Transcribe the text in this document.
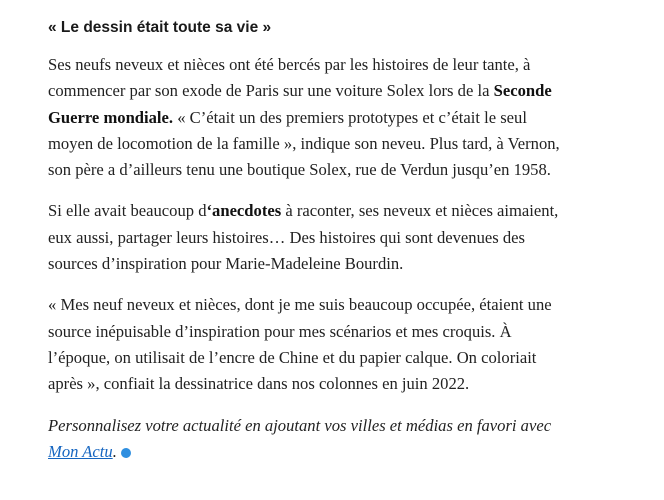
« Le dessin était toute sa vie »

Ses neufs neveux et nièces ont été bercés par les histoires de leur tante, à commencer par son exode de Paris sur une voiture Solex lors de la Seconde Guerre mondiale. « C’était un des premiers prototypes et c’était le seul moyen de locomotion de la famille », indique son neveu. Plus tard, à Vernon, son père a d’ailleurs tenu une boutique Solex, rue de Verdun jusqu’en 1958.

Si elle avait beaucoup d‘anecdotes à raconter, ses neveux et nièces aimaient, eux aussi, partager leurs histoires… Des histoires qui sont devenues des sources d’inspiration pour Marie-Madeleine Bourdin.

« Mes neuf neveux et nièces, dont je me suis beaucoup occupée, étaient une source inépuisable d’inspiration pour mes scénarios et mes croquis. À l’époque, on utilisait de l’encre de Chine et du papier calque. On coloriait après », confiait la dessinatrice dans nos colonnes en juin 2022.

Personnalisez votre actualité en ajoutant vos villes et médias en favori avec Mon Actu.
